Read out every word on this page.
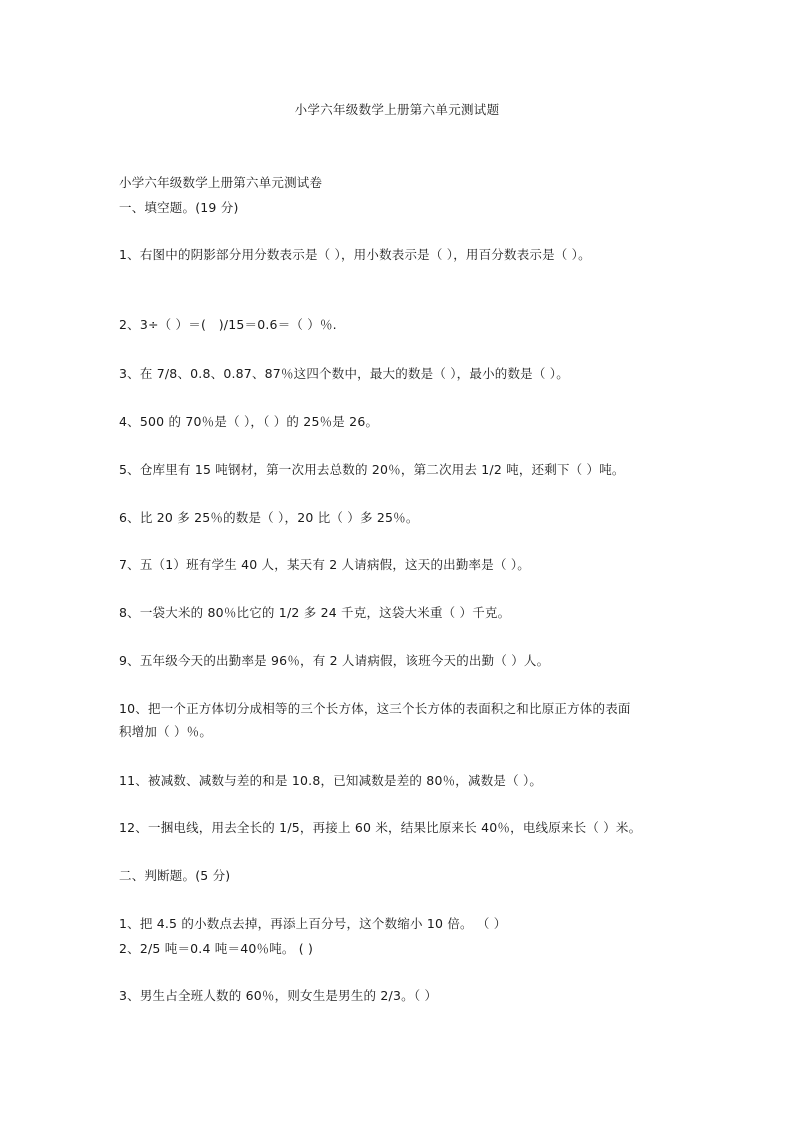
小学六年级数学上册第六单元测试题
小学六年级数学上册第六单元测试卷
一、填空题。(19 分)
1、右图中的阴影部分用分数表示是（ ），用小数表示是（ ），用百分数表示是（ ）。
2、3÷（ ）＝(　)/15＝0.6＝（ ）％.
3、在 7/8、0.8、0.87、87％这四个数中，最大的数是（ ），最小的数是（ ）。
4、500 的 70％是（ ），（ ）的 25％是 26。
5、仓库里有 15 吨钢材，第一次用去总数的 20％，第二次用去 1/2 吨，还剩下（ ）吨。
6、比 20 多 25％的数是（ ），20 比（ ）多 25％。
7、五（1）班有学生 40 人，某天有 2 人请病假，这天的出勤率是（ ）。
8、一袋大米的 80％比它的 1/2 多 24 千克，这袋大米重（ ）千克。
9、五年级今天的出勤率是 96％，有 2 人请病假，该班今天的出勤（ ）人。
10、把一个正方体切分成相等的三个长方体，这三个长方体的表面积之和比原正方体的表面
积增加（ ）％。
11、被减数、减数与差的和是 10.8，已知减数是差的 80％，减数是（ ）。
12、一捆电线，用去全长的 1/5，再接上 60 米，结果比原来长 40％，电线原来长（ ）米。
二、判断题。(5 分)
1、把 4.5 的小数点去掉，再添上百分号，这个数缩小 10 倍。 （ ）
2、2/5 吨＝0.4 吨＝40％吨。 ( )
3、男生占全班人数的 60％，则女生是男生的 2/3。（ ）
